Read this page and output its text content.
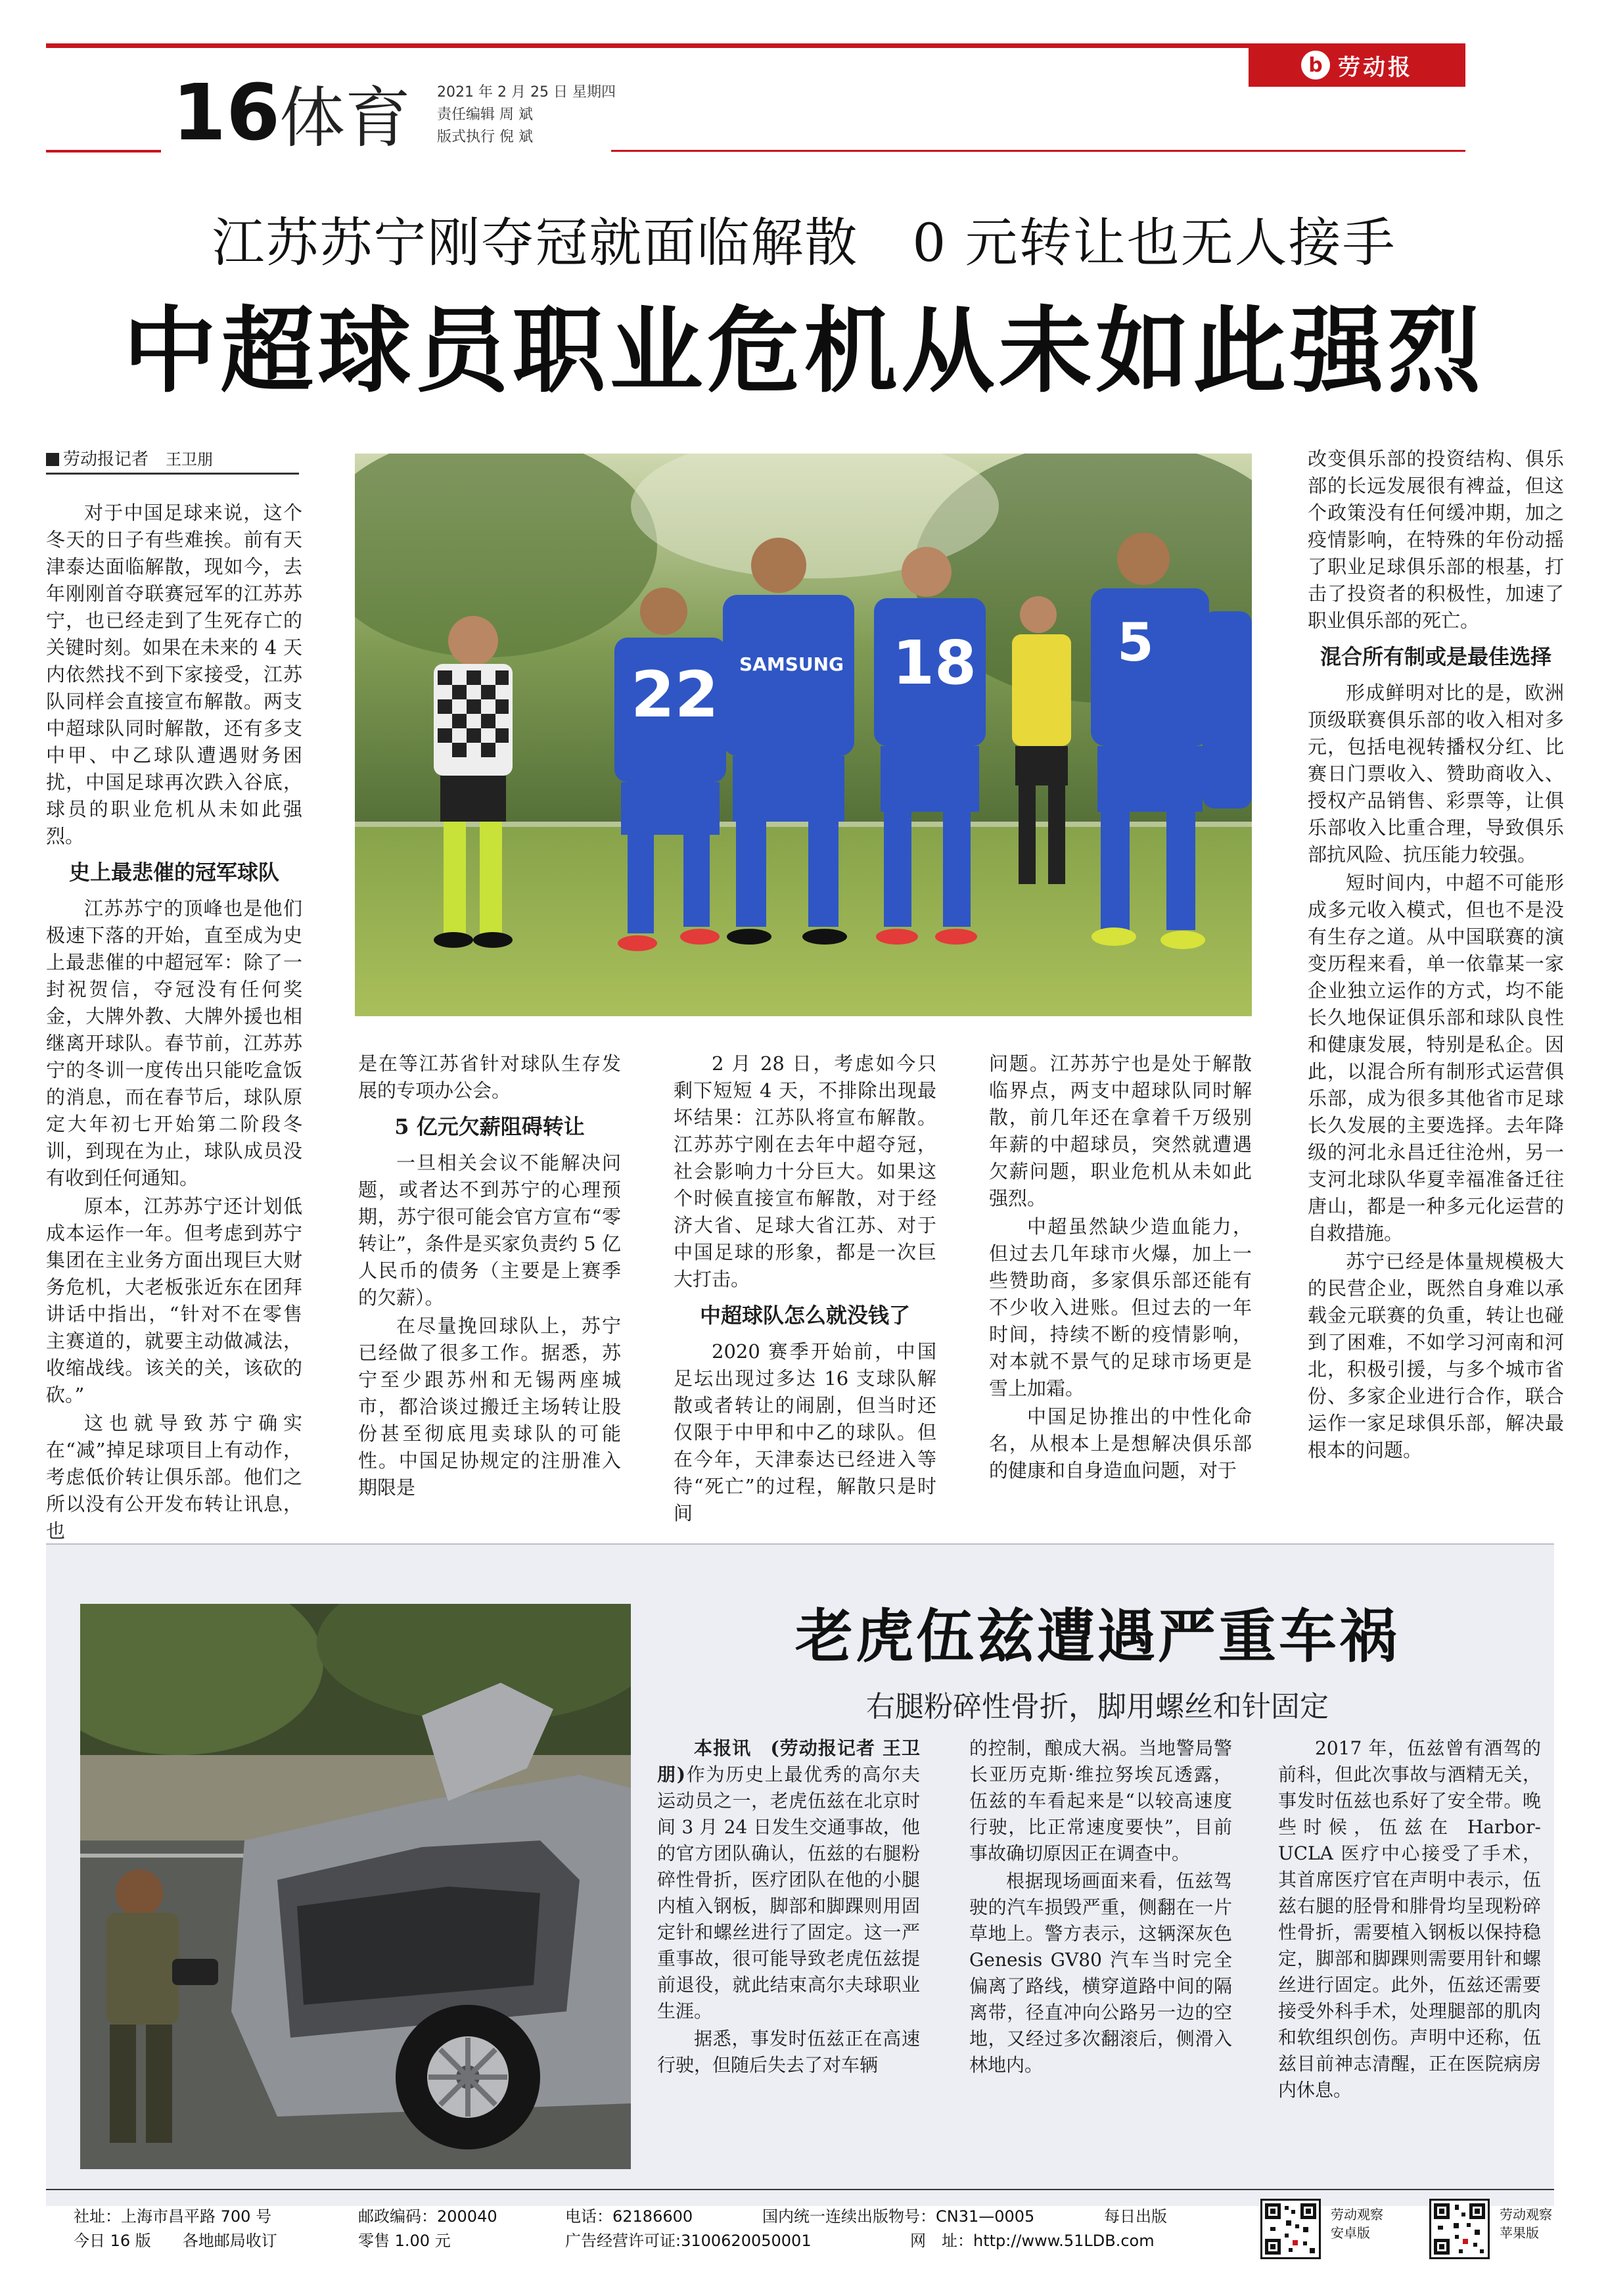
b 劳动报
16
体育 2021 年 2 月 25 日 星期四
责任编辑 周 斌
版式执行 倪 斌
江苏苏宁刚夺冠就面临解散　0 元转让也无人接手
中超球员职业危机从未如此强烈
劳动报记者　 王卫朋

对于中国足球来说，这个冬天的日子有些难挨。前有天津泰达面临解散，现如今，去年刚刚首夺联赛冠军的江苏苏宁，也已经走到了生死存亡的关键时刻。如果在未来的 4 天内依然找不到下家接受，江苏队同样会直接宣布解散。两支中超球队同时解散，还有多支中甲、中乙球队遭遇财务困扰，中国足球再次跌入谷底，球员的职业危机从未如此强烈。

史上最悲催的冠军球队

江苏苏宁的顶峰也是他们极速下落的开始，直至成为史上最悲催的中超冠军：除了一封祝贺信，夺冠没有任何奖金，大牌外教、大牌外援也相继离开球队。春节前，江苏苏宁的冬训一度传出只能吃盒饭的消息，而在春节后，球队原定大年初七开始第二阶段冬训，到现在为止，球队成员没有收到任何通知。

原本，江苏苏宁还计划低成本运作一年。但考虑到苏宁集团在主业务方面出现巨大财务危机，大老板张近东在团拜讲话中指出，“针对不在零售主赛道的，就要主动做减法，收缩战线。该关的关，该砍的砍。”

这也就导致苏宁确实在“减”掉足球项目上有动作，考虑低价转让俱乐部。他们之所以没有公开发布转让讯息，也

22 SAMSUNG 18	5

是在等江苏省针对球队生存发展的专项办公会。

5 亿元欠薪阻碍转让

一旦相关会议不能解决问题，或者达不到苏宁的心理预期，苏宁很可能会官方宣布“零转让”，条件是买家负责约 5 亿人民币的债务（主要是上赛季的欠薪）。

在尽量挽回球队上，苏宁已经做了很多工作。据悉，苏宁至少跟苏州和无锡两座城市，都洽谈过搬迁主场转让股份甚至彻底甩卖球队的可能性。中国足协规定的注册准入期限是

2 月 28 日，考虑如今只剩下短短 4 天，不排除出现最坏结果：江苏队将宣布解散。江苏苏宁刚在去年中超夺冠，社会影响力十分巨大。如果这个时候直接宣布解散，对于经济大省、足球大省江苏、对于中国足球的形象，都是一次巨大打击。

中超球队怎么就没钱了

2020 赛季开始前，中国足坛出现过多达 16 支球队解散或者转让的闹剧，但当时还仅限于中甲和中乙的球队。但在今年，天津泰达已经进入等待“死亡”的过程，解散只是时间

问题。江苏苏宁也是处于解散临界点，两支中超球队同时解散，前几年还在拿着千万级别年薪的中超球员，突然就遭遇欠薪问题，职业危机从未如此强烈。

中超虽然缺少造血能力，但过去几年球市火爆，加上一些赞助商，多家俱乐部还能有不少收入进账。但过去的一年时间，持续不断的疫情影响，对本就不景气的足球市场更是雪上加霜。

中国足协推出的中性化命名，从根本上是想解决俱乐部的健康和自身造血问题，对于

改变俱乐部的投资结构、俱乐部的长远发展很有裨益，但这个政策没有任何缓冲期，加之疫情影响，在特殊的年份动摇了职业足球俱乐部的根基，打击了投资者的积极性，加速了职业俱乐部的死亡。

混合所有制或是最佳选择

形成鲜明对比的是，欧洲顶级联赛俱乐部的收入相对多元，包括电视转播权分红、比赛日门票收入、赞助商收入、授权产品销售、彩票等，让俱乐部收入比重合理，导致俱乐部抗风险、抗压能力较强。

短时间内，中超不可能形成多元收入模式，但也不是没有生存之道。从中国联赛的演变历程来看，单一依靠某一家企业独立运作的方式，均不能长久地保证俱乐部和球队良性和健康发展，特别是私企。因此，以混合所有制形式运营俱乐部，成为很多其他省市足球长久发展的主要选择。去年降级的河北永昌迁往沧州，另一支河北球队华夏幸福准备迁往唐山，都是一种多元化运营的自救措施。

苏宁已经是体量规模极大的民营企业，既然自身难以承载金元联赛的负重，转让也碰到了困难，不如学习河南和河北，积极引援，与多个城市省份、多家企业进行合作，联合运作一家足球俱乐部，解决最根本的问题。

老虎伍兹遭遇严重车祸
右腿粉碎性骨折，脚用螺丝和针固定

本报讯　(劳动报记者 王卫朋)作为历史上最优秀的高尔夫运动员之一，老虎伍兹在北京时间 3 月 24 日发生交通事故，他的官方团队确认，伍兹的右腿粉碎性骨折，医疗团队在他的小腿内植入钢板，脚部和脚踝则用固定针和螺丝进行了固定。这一严重事故，很可能导致老虎伍兹提前退役，就此结束高尔夫球职业生涯。

据悉，事发时伍兹正在高速行驶，但随后失去了对车辆

的控制，酿成大祸。当地警局警长亚历克斯·维拉努埃瓦透露，伍兹的车看起来是“以较高速度行驶，比正常速度要快”，目前事故确切原因正在调查中。

根据现场画面来看，伍兹驾驶的汽车损毁严重，侧翻在一片草地上。警方表示，这辆深灰色 Genesis GV80 汽车当时完全偏离了路线，横穿道路中间的隔离带，径直冲向公路另一边的空地，又经过多次翻滚后，侧滑入林地内。

2017 年，伍兹曾有酒驾的前科，但此次事故与酒精无关，事发时伍兹也系好了安全带。晚些时候，伍兹在 Harbor-UCLA 医疗中心接受了手术，其首席医疗官在声明中表示，伍兹右腿的胫骨和腓骨均呈现粉碎性骨折，需要植入钢板以保持稳定，脚部和脚踝则需要用针和螺丝进行固定。此外，伍兹还需要接受外科手术，处理腿部的肌肉和软组织创伤。声明中还称，伍兹目前神志清醒，正在医院病房内休息。

社址：上海市昌平路 700 号	邮政编码：200040	电话：62186600	国内统一连续出版物号：CN31—0005	每日出版
今日 16 版　　各地邮局收订	零售 1.00 元	广告经营许可证:3100620050001	网　址：http://www.51LDB.com
劳动观察
安卓版
劳动观察
苹果版
